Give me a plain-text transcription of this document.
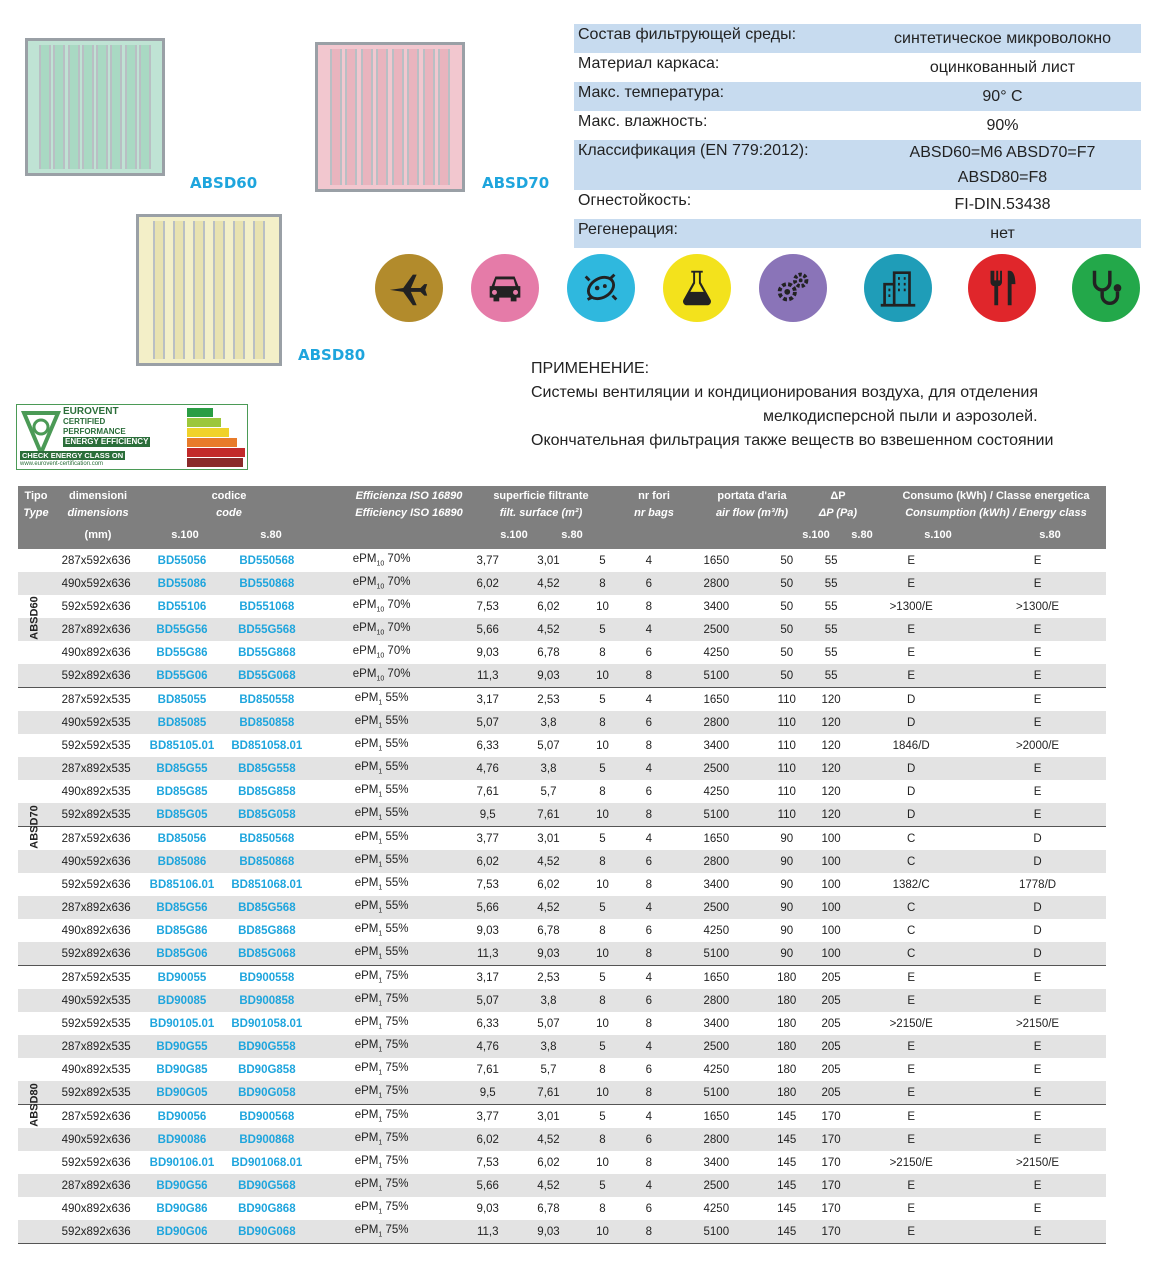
ABSD60	ABSD70
ABSD80
Состав фильтрующей среды:	синтетическое микроволокно
Материал каркаса:	оцинкованный лист
Макс. температура:	90° C
Макс. влажность:	90%
Классификация (EN 779:2012):	ABSD60=M6 ABSD70=F7 ABSD80=F8
Огнестойкость:	FI-DIN.53438
Регенерация:	нет
ПРИМЕНЕНИЕ:
Системы вентиляции и кондиционирования воздуха, для отделения
мелкодисперсной пыли и аэрозолей.
Окончательная фильтрация также веществ во взвешенном состоянии
EUROVENT
CERTIFIED
PERFORMANCE
ENERGY EFFICIENCY
CHECK ENERGY CLASS ON
www.eurovent-certification.com
Tipo
Type
dimensioni
dimensions
(mm)
codice
code
s.100	s.80
Efficienza ISO 16890
Efficiency ISO 16890
superficie filtrante
filt. surface (m²)
s.100	s.80
nr fori
nr bags
portata d'aria
air flow (m³/h)
ΔP
ΔP (Pa)
s.100	s.80
Consumo (kWh) / Classe energetica
Consumption (kWh) / Energy class
s.100	s.80
ABSD60
287x592x636	BD55056	BD550568	ePM$_{10}$ 70%	3,77	3,01	5	4	1650	50	55	E	E
490x592x636	BD55086	BD550868	ePM$_{10}$ 70%	6,02	4,52	8	6	2800	50	55	E	E
592x592x636	BD55106	BD551068	ePM$_{10}$ 70%	7,53	6,02	10	8	3400	50	55	>1300/E	>1300/E
287x892x636	BD55G56	BD55G568	ePM$_{10}$ 70%	5,66	4,52	5	4	2500	50	55	E	E
490x892x636	BD55G86	BD55G868	ePM$_{10}$ 70%	9,03	6,78	8	6	4250	50	55	E	E
592x892x636	BD55G06	BD55G068	ePM$_{10}$ 70%	11,3	9,03	10	8	5100	50	55	E	E
ABSD70
287x592x535	BD85055	BD850558	ePM$_1$ 55%	3,17	2,53	5	4	1650	110	120	D	E
490x592x535	BD85085	BD850858	ePM$_1$ 55%	5,07	3,8	8	6	2800	110	120	D	E
592x592x535	BD85105.01	BD851058.01	ePM$_1$ 55%	6,33	5,07	10	8	3400	110	120	1846/D	>2000/E
287x892x535	BD85G55	BD85G558	ePM$_1$ 55%	4,76	3,8	5	4	2500	110	120	D	E
490x892x535	BD85G85	BD85G858	ePM$_1$ 55%	7,61	5,7	8	6	4250	110	120	D	E
592x892x535	BD85G05	BD85G058	ePM$_1$ 55%	9,5	7,61	10	8	5100	110	120	D	E
287x592x636	BD85056	BD850568	ePM$_1$ 55%	3,77	3,01	5	4	1650	90	100	C	D
490x592x636	BD85086	BD850868	ePM$_1$ 55%	6,02	4,52	8	6	2800	90	100	C	D
592x592x636	BD85106.01	BD851068.01	ePM$_1$ 55%	7,53	6,02	10	8	3400	90	100	1382/C	1778/D
287x892x636	BD85G56	BD85G568	ePM$_1$ 55%	5,66	4,52	5	4	2500	90	100	C	D
490x892x636	BD85G86	BD85G868	ePM$_1$ 55%	9,03	6,78	8	6	4250	90	100	C	D
592x892x636	BD85G06	BD85G068	ePM$_1$ 55%	11,3	9,03	10	8	5100	90	100	C	D
ABSD80
287x592x535	BD90055	BD900558	ePM$_1$ 75%	3,17	2,53	5	4	1650	180	205	E	E
490x592x535	BD90085	BD900858	ePM$_1$ 75%	5,07	3,8	8	6	2800	180	205	E	E
592x592x535	BD90105.01	BD901058.01	ePM$_1$ 75%	6,33	5,07	10	8	3400	180	205	>2150/E	>2150/E
287x892x535	BD90G55	BD90G558	ePM$_1$ 75%	4,76	3,8	5	4	2500	180	205	E	E
490x892x535	BD90G85	BD90G858	ePM$_1$ 75%	7,61	5,7	8	6	4250	180	205	E	E
592x892x535	BD90G05	BD90G058	ePM$_1$ 75%	9,5	7,61	10	8	5100	180	205	E	E
287x592x636	BD90056	BD900568	ePM$_1$ 75%	3,77	3,01	5	4	1650	145	170	E	E
490x592x636	BD90086	BD900868	ePM$_1$ 75%	6,02	4,52	8	6	2800	145	170	E	E
592x592x636	BD90106.01	BD901068.01	ePM$_1$ 75%	7,53	6,02	10	8	3400	145	170	>2150/E	>2150/E
287x892x636	BD90G56	BD90G568	ePM$_1$ 75%	5,66	4,52	5	4	2500	145	170	E	E
490x892x636	BD90G86	BD90G868	ePM$_1$ 75%	9,03	6,78	8	6	4250	145	170	E	E
592x892x636	BD90G06	BD90G068	ePM$_1$ 75%	11,3	9,03	10	8	5100	145	170	E	E
